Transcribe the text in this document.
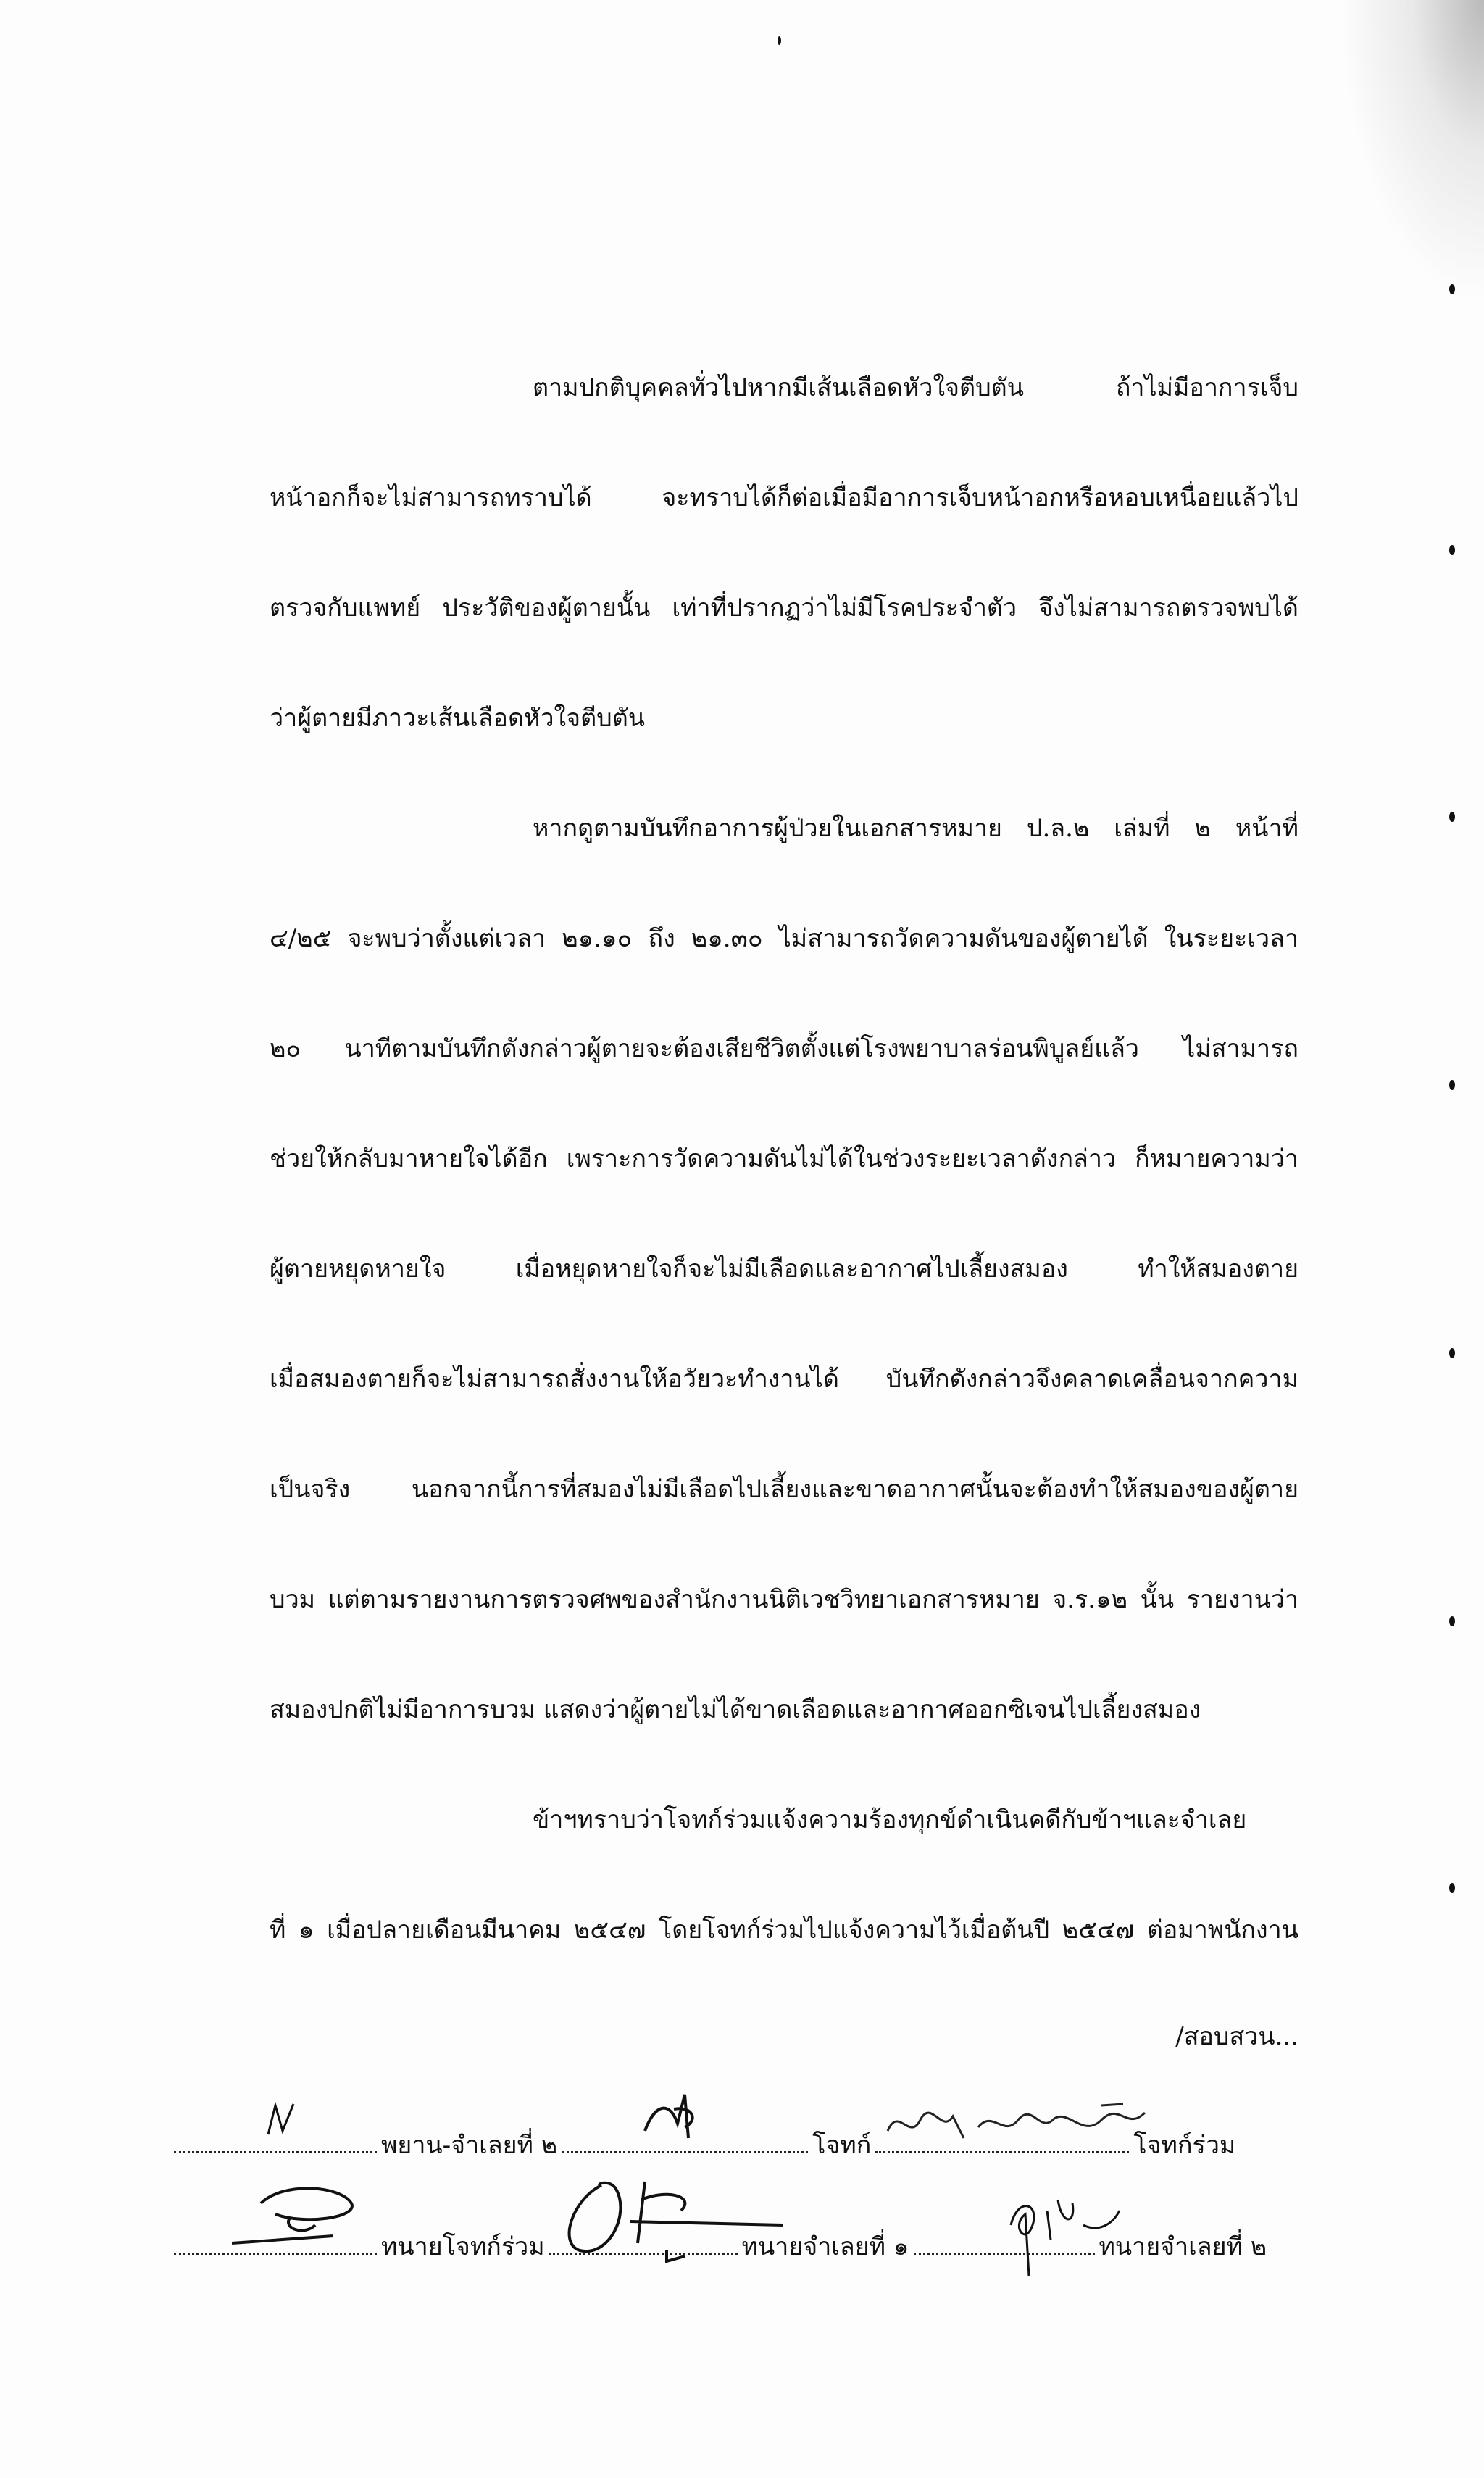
ตามปกติบุคคลทั่วไปหากมีเส้นเลือดหัวใจตีบตัน ถ้าไม่มีอาการเจ็บ
หน้าอกก็จะไม่สามารถทราบได้ จะทราบได้ก็ต่อเมื่อมีอาการเจ็บหน้าอกหรือหอบเหนื่อยแล้วไป
ตรวจกับแพทย์ ประวัติของผู้ตายนั้น เท่าที่ปรากฏว่าไม่มีโรคประจำตัว จึงไม่สามารถตรวจพบได้
ว่าผู้ตายมีภาวะเส้นเลือดหัวใจตีบตัน
หากดูตามบันทึกอาการผู้ป่วยในเอกสารหมาย ป.ล.๒ เล่มที่ ๒ หน้าที่
๔/๒๕ จะพบว่าตั้งแต่เวลา ๒๑.๑๐ ถึง ๒๑.๓๐ ไม่สามารถวัดความดันของผู้ตายได้ ในระยะเวลา
๒๐ นาทีตามบันทึกดังกล่าวผู้ตายจะต้องเสียชีวิตตั้งแต่โรงพยาบาลร่อนพิบูลย์แล้ว ไม่สามารถ
ช่วยให้กลับมาหายใจได้อีก เพราะการวัดความดันไม่ได้ในช่วงระยะเวลาดังกล่าว ก็หมายความว่า
ผู้ตายหยุดหายใจ เมื่อหยุดหายใจก็จะไม่มีเลือดและอากาศไปเลี้ยงสมอง ทำให้สมองตาย
เมื่อสมองตายก็จะไม่สามารถสั่งงานให้อวัยวะทำงานได้ บันทึกดังกล่าวจึงคลาดเคลื่อนจากความ
เป็นจริง นอกจากนี้การที่สมองไม่มีเลือดไปเลี้ยงและขาดอากาศนั้นจะต้องทำให้สมองของผู้ตาย
บวม แต่ตามรายงานการตรวจศพของสำนักงานนิติเวชวิทยาเอกสารหมาย จ.ร.๑๒ นั้น รายงานว่า
สมองปกติไม่มีอาการบวม แสดงว่าผู้ตายไม่ได้ขาดเลือดและอากาศออกซิเจนไปเลี้ยงสมอง
ข้าฯทราบว่าโจทก์ร่วมแจ้งความร้องทุกข์ดำเนินคดีกับข้าฯและจำเลย
ที่ ๑ เมื่อปลายเดือนมีนาคม ๒๕๔๗ โดยโจทก์ร่วมไปแจ้งความไว้เมื่อต้นปี ๒๕๔๗ ต่อมาพนักงาน
/สอบสวน...
พยาน-จำเลยที่ ๒	โจทก์	โจทก์ร่วม
ทนายโจทก์ร่วม	ทนายจำเลยที่ ๑	ทนายจำเลยที่ ๒
